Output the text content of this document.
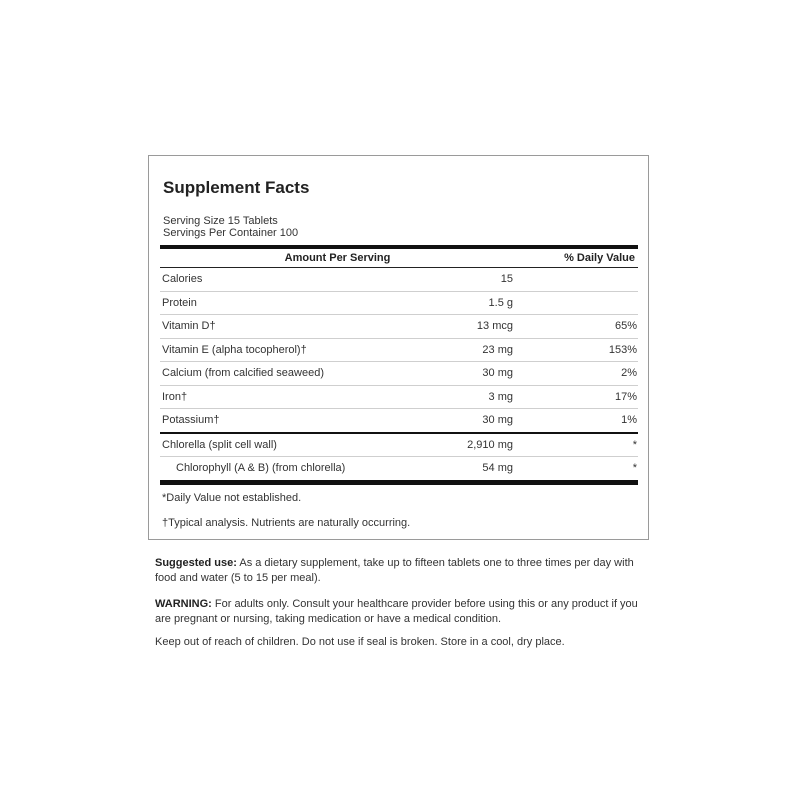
Supplement Facts
Serving Size 15 Tablets
Servings Per Container 100
Amount Per Serving	% Daily Value
Calories	15
Protein	1.5 g
Vitamin D†	13 mcg	65%
Vitamin E (alpha tocopherol)†	23 mg	153%
Calcium (from calcified seaweed)	30 mg	2%
Iron†	3 mg	17%
Potassium†	30 mg	1%
Chlorella (split cell wall)	2,910 mg	*
Chlorophyll (A & B) (from chlorella)	54 mg	*
*Daily Value not established.
†Typical analysis. Nutrients are naturally occurring.
Suggested use: As a dietary supplement, take up to fifteen tablets one to three times per day with food and water (5 to 15 per meal).
WARNING: For adults only. Consult your healthcare provider before using this or any product if you are pregnant or nursing, taking medication or have a medical condition.
Keep out of reach of children. Do not use if seal is broken. Store in a cool, dry place.
